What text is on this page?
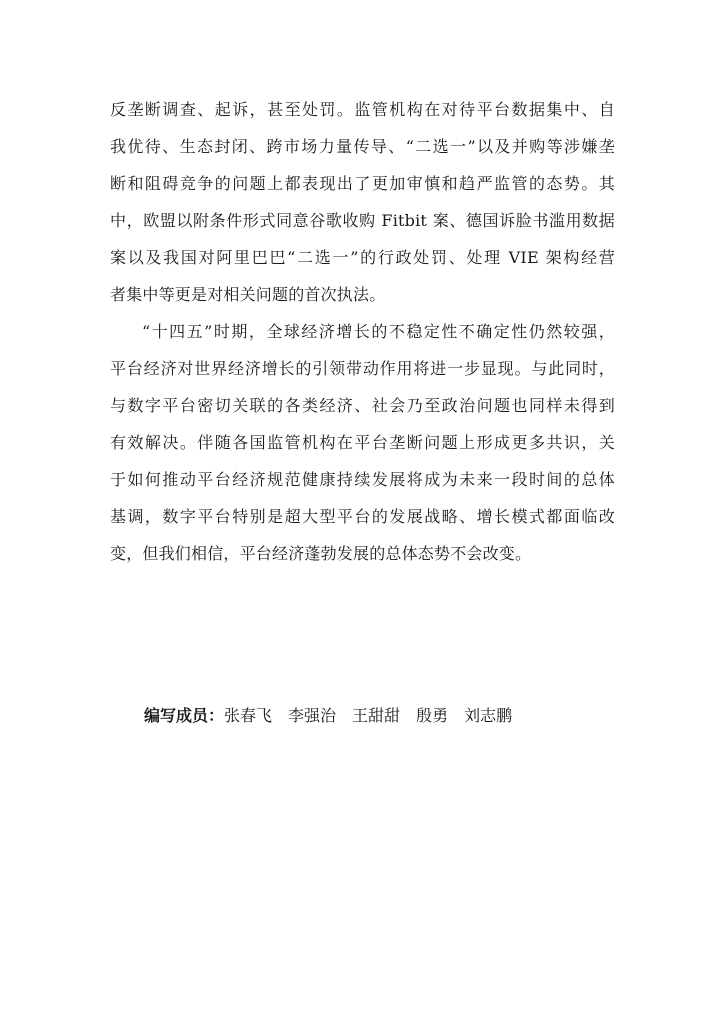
反垄断调查、起诉，甚至处罚。监管机构在对待平台数据集中、自
我优待、生态封闭、跨市场力量传导、“二选一”以及并购等涉嫌垄
断和阻碍竞争的问题上都表现出了更加审慎和趋严监管的态势。其
中，欧盟以附条件形式同意谷歌收购 Fitbit 案、德国诉脸书滥用数据
案以及我国对阿里巴巴“二选一”的行政处罚、处理 VIE 架构经营
者集中等更是对相关问题的首次执法。
“十四五”时期，全球经济增长的不稳定性不确定性仍然较强，
平台经济对世界经济增长的引领带动作用将进一步显现。与此同时，
与数字平台密切关联的各类经济、社会乃至政治问题也同样未得到
有效解决。伴随各国监管机构在平台垄断问题上形成更多共识，关
于如何推动平台经济规范健康持续发展将成为未来一段时间的总体
基调，数字平台特别是超大型平台的发展战略、增长模式都面临改
变，但我们相信，平台经济蓬勃发展的总体态势不会改变。
编写成员：张春飞 李强治 王甜甜 殷勇 刘志鹏
